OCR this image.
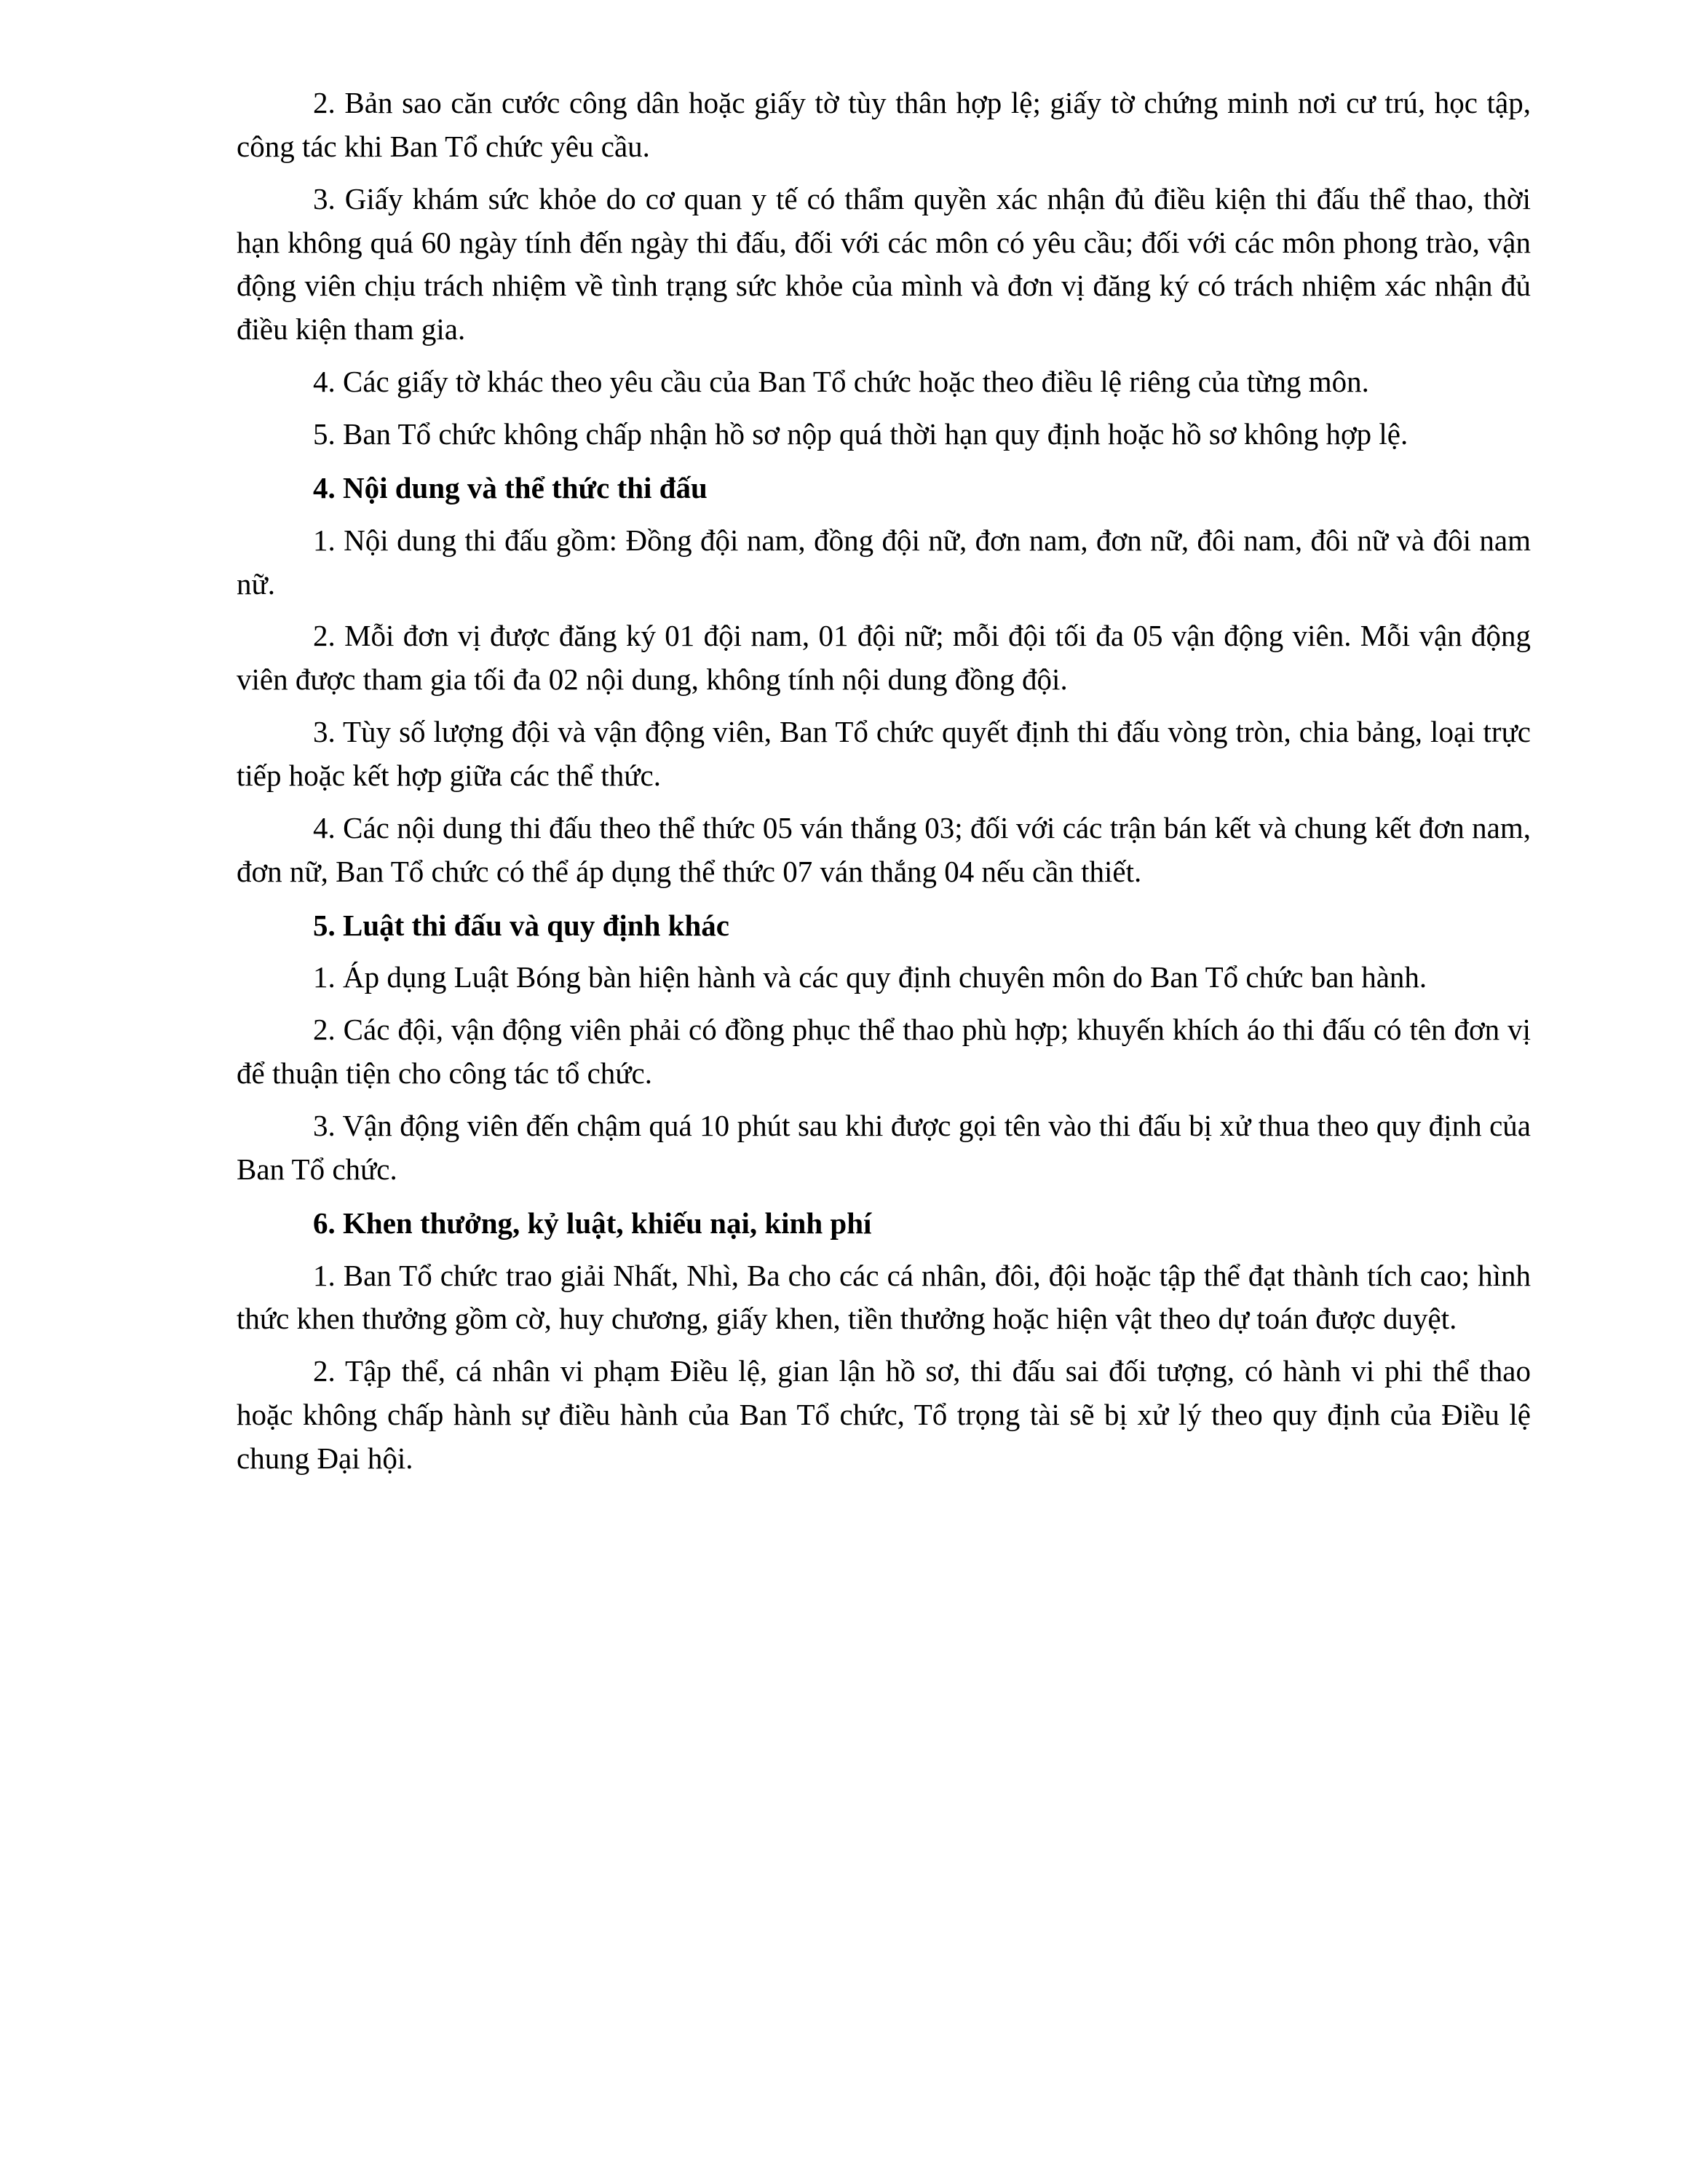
2. Bản sao căn cước công dân hoặc giấy tờ tùy thân hợp lệ; giấy tờ chứng minh nơi cư trú, học tập, công tác khi Ban Tổ chức yêu cầu.

3. Giấy khám sức khỏe do cơ quan y tế có thẩm quyền xác nhận đủ điều kiện thi đấu thể thao, thời hạn không quá 60 ngày tính đến ngày thi đấu, đối với các môn có yêu cầu; đối với các môn phong trào, vận động viên chịu trách nhiệm về tình trạng sức khỏe của mình và đơn vị đăng ký có trách nhiệm xác nhận đủ điều kiện tham gia.

4. Các giấy tờ khác theo yêu cầu của Ban Tổ chức hoặc theo điều lệ riêng của từng môn.

5. Ban Tổ chức không chấp nhận hồ sơ nộp quá thời hạn quy định hoặc hồ sơ không hợp lệ.

4. Nội dung và thể thức thi đấu

1. Nội dung thi đấu gồm: Đồng đội nam, đồng đội nữ, đơn nam, đơn nữ, đôi nam, đôi nữ và đôi nam nữ.

2. Mỗi đơn vị được đăng ký 01 đội nam, 01 đội nữ; mỗi đội tối đa 05 vận động viên. Mỗi vận động viên được tham gia tối đa 02 nội dung, không tính nội dung đồng đội.

3. Tùy số lượng đội và vận động viên, Ban Tổ chức quyết định thi đấu vòng tròn, chia bảng, loại trực tiếp hoặc kết hợp giữa các thể thức.

4. Các nội dung thi đấu theo thể thức 05 ván thắng 03; đối với các trận bán kết và chung kết đơn nam, đơn nữ, Ban Tổ chức có thể áp dụng thể thức 07 ván thắng 04 nếu cần thiết.

5. Luật thi đấu và quy định khác

1. Áp dụng Luật Bóng bàn hiện hành và các quy định chuyên môn do Ban Tổ chức ban hành.

2. Các đội, vận động viên phải có đồng phục thể thao phù hợp; khuyến khích áo thi đấu có tên đơn vị để thuận tiện cho công tác tổ chức.

3. Vận động viên đến chậm quá 10 phút sau khi được gọi tên vào thi đấu bị xử thua theo quy định của Ban Tổ chức.

6. Khen thưởng, kỷ luật, khiếu nại, kinh phí

1. Ban Tổ chức trao giải Nhất, Nhì, Ba cho các cá nhân, đôi, đội hoặc tập thể đạt thành tích cao; hình thức khen thưởng gồm cờ, huy chương, giấy khen, tiền thưởng hoặc hiện vật theo dự toán được duyệt.

2. Tập thể, cá nhân vi phạm Điều lệ, gian lận hồ sơ, thi đấu sai đối tượng, có hành vi phi thể thao hoặc không chấp hành sự điều hành của Ban Tổ chức, Tổ trọng tài sẽ bị xử lý theo quy định của Điều lệ chung Đại hội.
